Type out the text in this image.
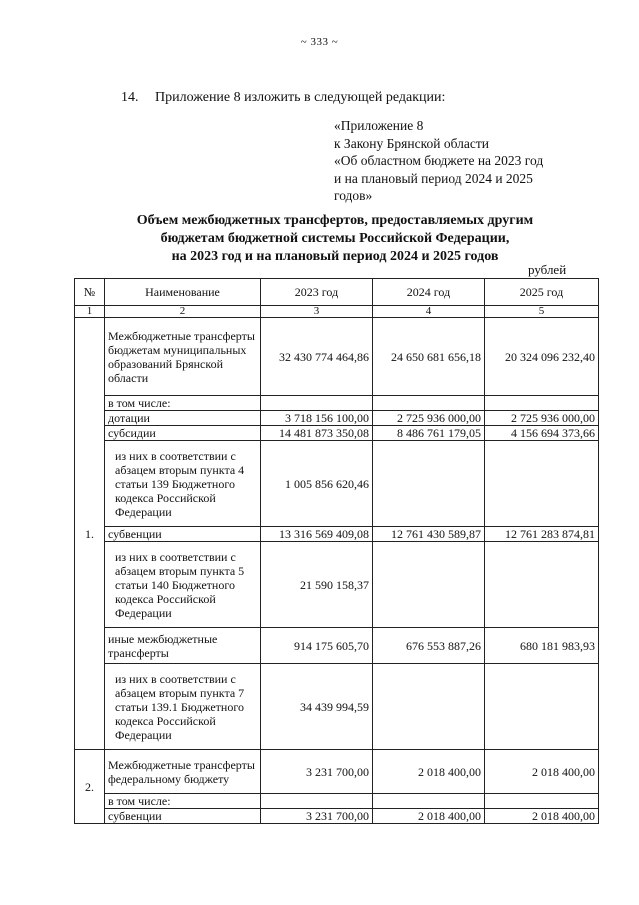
~ 333 ~
14. Приложение 8 изложить в следующей редакции:
«Приложение 8
к Закону Брянской области
«Об областном бюджете на 2023 год
и на плановый период 2024 и 2025
годов»
Объем межбюджетных трансфертов, предоставляемых другим
бюджетам бюджетной системы Российской Федерации,
на 2023 год и на плановый период 2024 и 2025 годов
рублей
№	Наименование	2023 год	2024 год	2025 год
1	2	3	4	5
1.	Межбюджетные трансферты бюджетам муниципальных образований Брянской области	32 430 774 464,86	24 650 681 656,18	20 324 096 232,40
	в том числе:			
	дотации	3 718 156 100,00	2 725 936 000,00	2 725 936 000,00
	субсидии	14 481 873 350,08	8 486 761 179,05	4 156 694 373,66
	из них в соответствии с абзацем вторым пункта 4 статьи 139 Бюджетного кодекса Российской Федерации	1 005 856 620,46		
	субвенции	13 316 569 409,08	12 761 430 589,87	12 761 283 874,81
	из них в соответствии с абзацем вторым пункта 5 статьи 140 Бюджетного кодекса Российской Федерации	21 590 158,37		
	иные межбюджетные трансферты	914 175 605,70	676 553 887,26	680 181 983,93
	из них в соответствии с абзацем вторым пункта 7 статьи 139.1 Бюджетного кодекса Российской Федерации	34 439 994,59		
2.	Межбюджетные трансферты федеральному бюджету	3 231 700,00	2 018 400,00	2 018 400,00
	в том числе:			
	субвенции	3 231 700,00	2 018 400,00	2 018 400,00
